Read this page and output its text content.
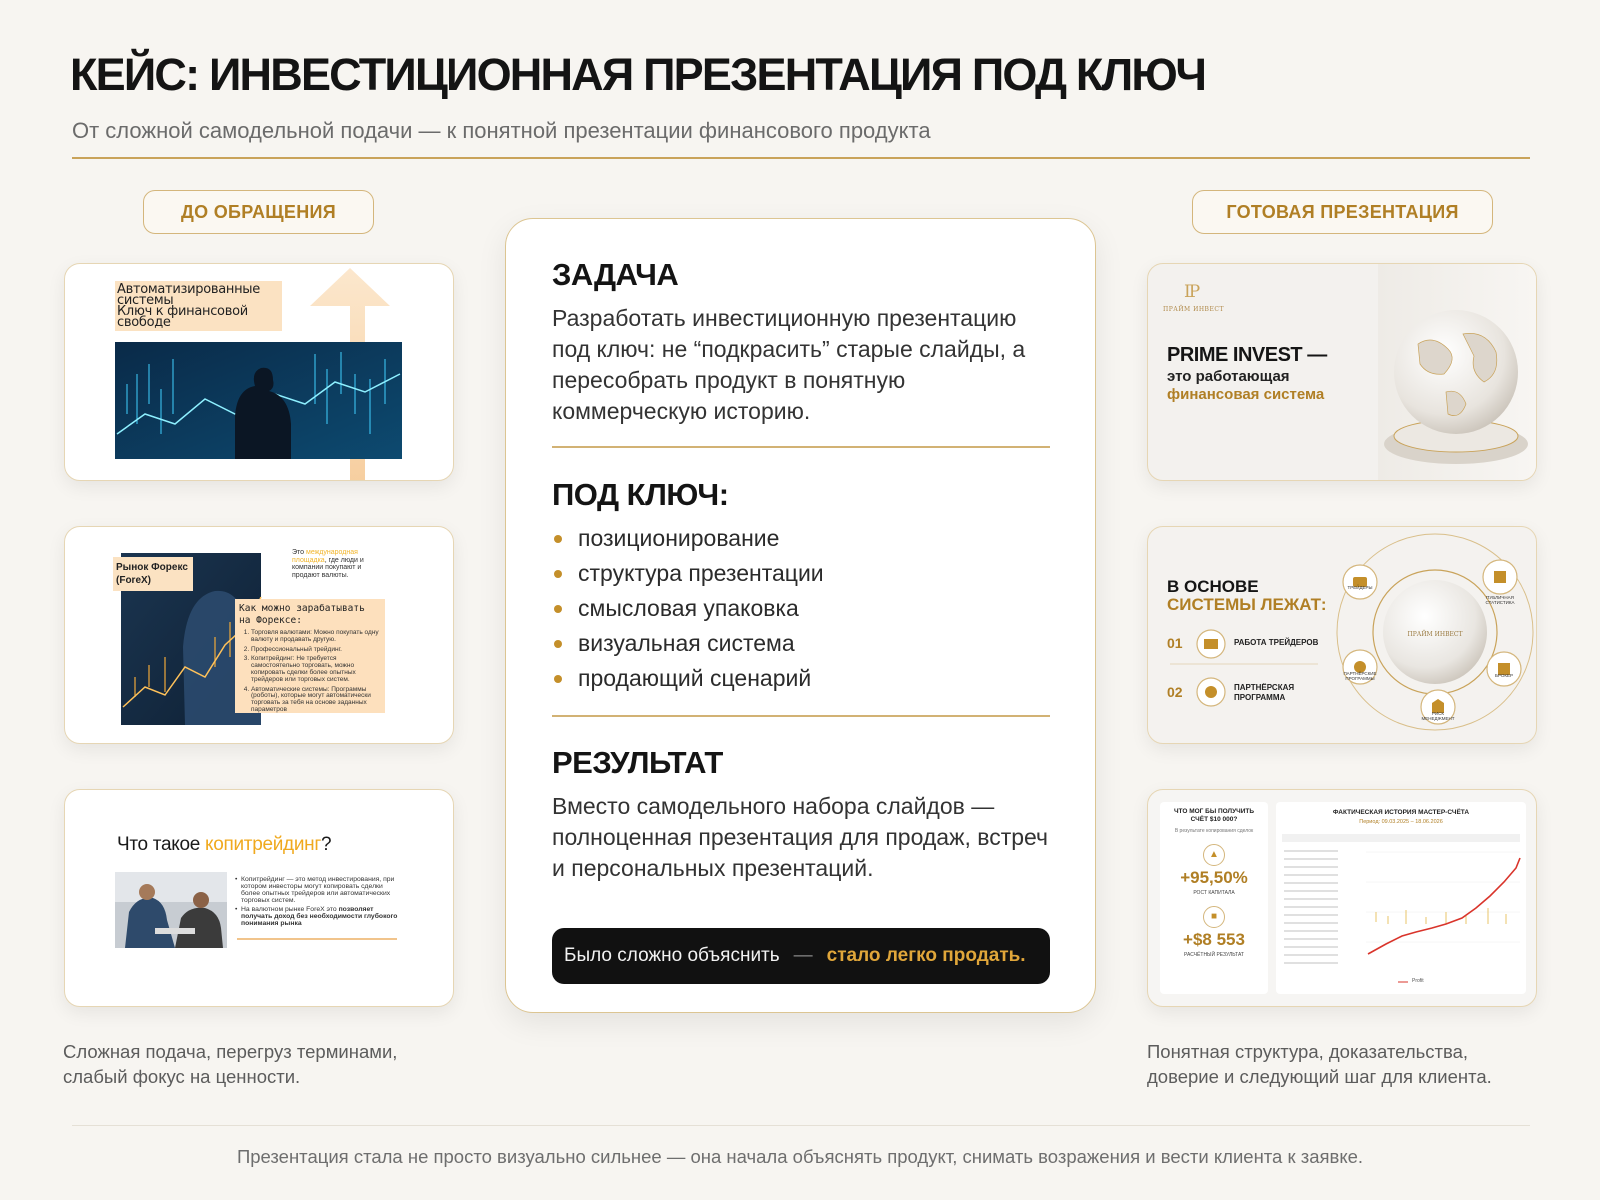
КЕЙС: ИНВЕСТИЦИОННАЯ ПРЕЗЕНТАЦИЯ ПОД КЛЮЧ
От сложной самодельной подачи — к понятной презентации финансового продукта
ДО ОБРАЩЕНИЯ	ГОТОВАЯ ПРЕЗЕНТАЦИЯ
Автоматизированные
системы
Ключ к финансовой
свободе
Рынок Форекс (ForeX)
Это международная площадка, где люди и компании покупают и продают валюты.
Как можно зарабатывать на Форексе:
1. Торговля валютами: Можно покупать одну валюту и продавать другую.
2. Профессиональный трейдинг.
3. Копитрейдинг: Не требуется самостоятельно торговать, можно копировать сделки более опытных трейдеров или торговых систем.
4. Автоматические системы: Программы (роботы), которые могут автоматически торговать за тебя на основе заданных параметров
Что такое копитрейдинг?
• Копитрейдинг — это метод инвестирования, при котором инвесторы могут копировать сделки более опытных трейдеров или автоматических торговых систем.
• На валютном рынке ForeX это позволяет получать доход без необходимости глубокого понимания рынка
Сложная подача, перегруз терминами, слабый фокус на ценности.
ЗАДАЧА
Разработать инвестиционную презентацию под ключ: не “подкрасить” старые слайды, а пересобрать продукт в понятную коммерческую историю.
ПОД КЛЮЧ:
позиционирование
структура презентации
смысловая упаковка
визуальная система
продающий сценарий
РЕЗУЛЬТАТ
Вместо самодельного набора слайдов — полноценная презентация для продаж, встреч и персональных презентаций.
Было сложно объяснить — стало легко продать.
IP
ПРАЙМ ИНВЕСТ
PRIME INVEST —
это работающая
финансовая система
В ОСНОВЕ
СИСТЕМЫ ЛЕЖАТ:
01	РАБОТА ТРЕЙДЕРОВ
02	ПАРТНЁРСКАЯ ПРОГРАММА
ПРАЙМ ИНВЕСТ
ТРЕЙДЕРЫ
ПУБЛИЧНАЯ СТАТИСТИКА
БРОКЕР
РИСК МЕНЕДЖМЕНТ
ПАРТНЁРСКИЕ ПРОГРАММЫ
ЧТО МОГ БЫ ПОЛУЧИТЬ СЧЁТ $10 000?
В результате копирования сделок
▲
+95,50%
РОСТ КАПИТАЛА
■
+$8 553
РАСЧЁТНЫЙ РЕЗУЛЬТАТ
ФАКТИЧЕСКАЯ ИСТОРИЯ МАСТЕР-СЧЁТА
Период: 09.03.2025 – 18.06.2026
Profit
Понятная структура, доказательства, доверие и следующий шаг для клиента.
Презентация стала не просто визуально сильнее — она начала объяснять продукт, снимать возражения и вести клиента к заявке.
